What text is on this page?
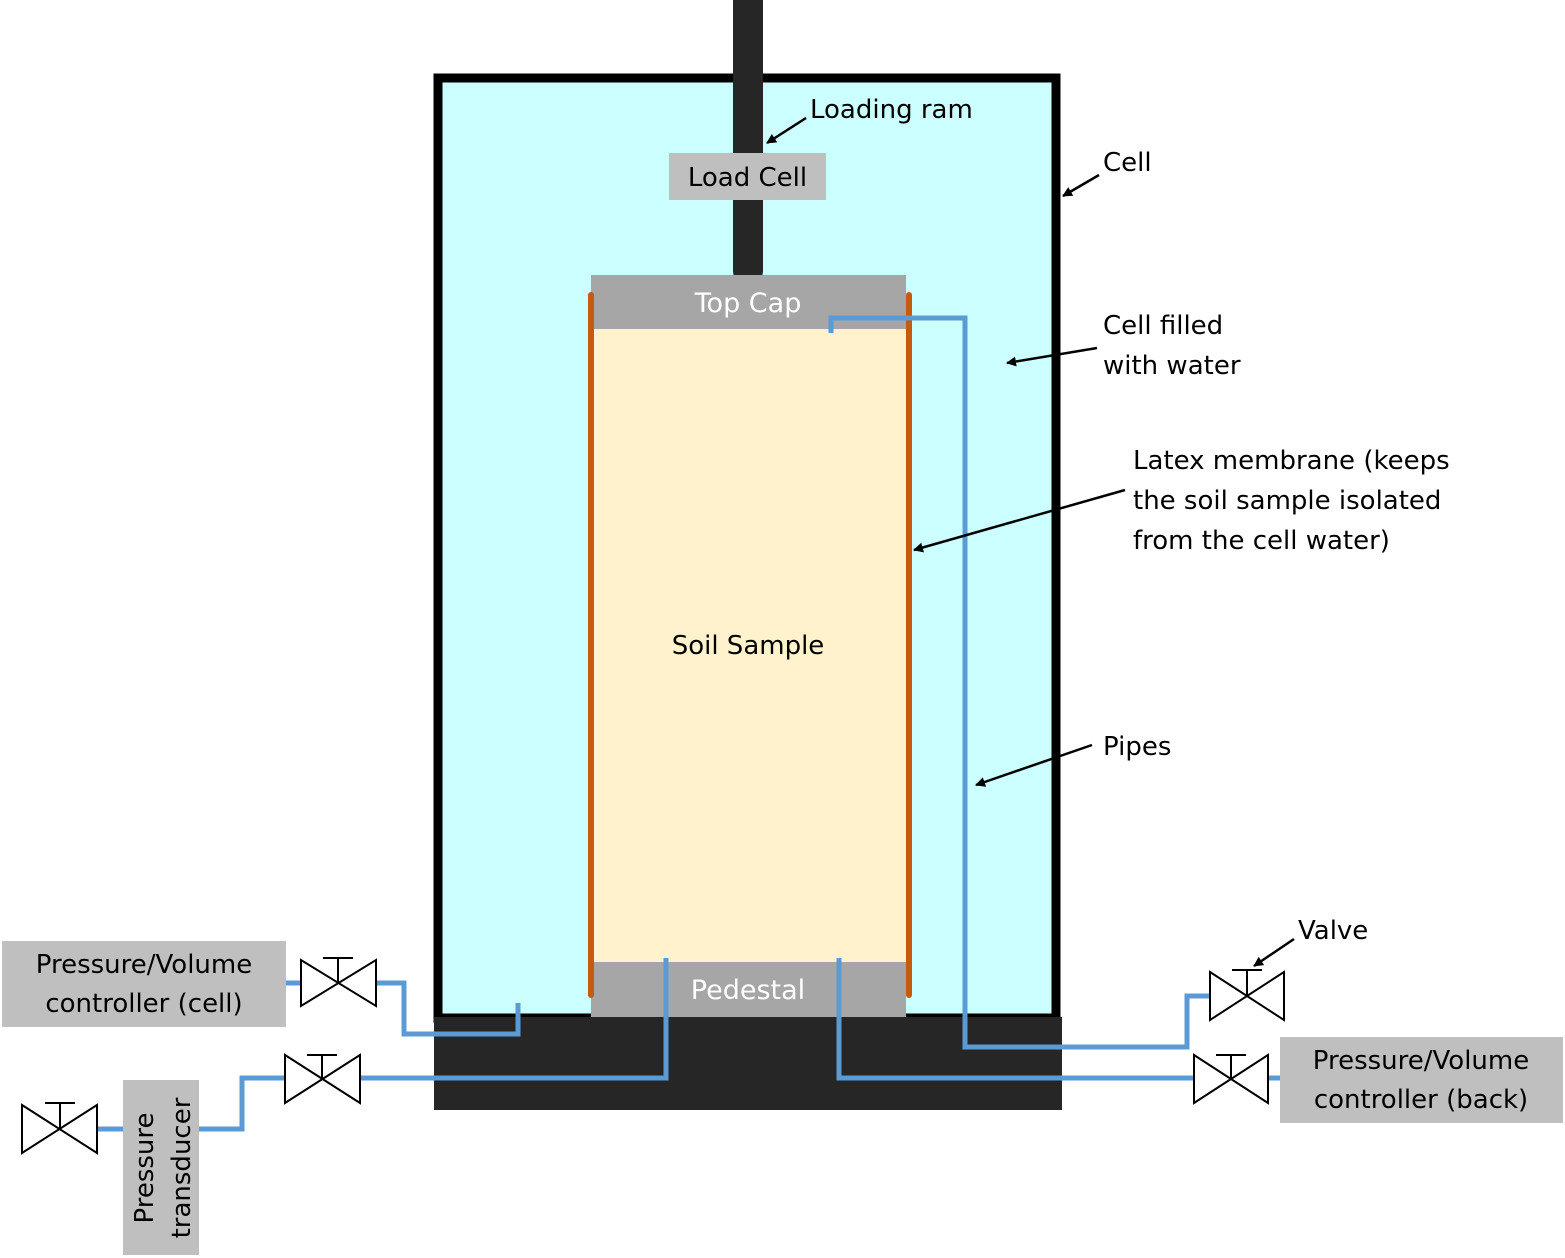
Load Cell
Soil Sample
Top Cap
Pedestal
Pressure/Volume
controller (cell)
Pressure/Volume
controller (back)
Pressure transducer
Loading ram
Cell
Cell filled
with water
Latex membrane (keeps
the soil sample isolated
from the cell water)
Pipes
Valve
